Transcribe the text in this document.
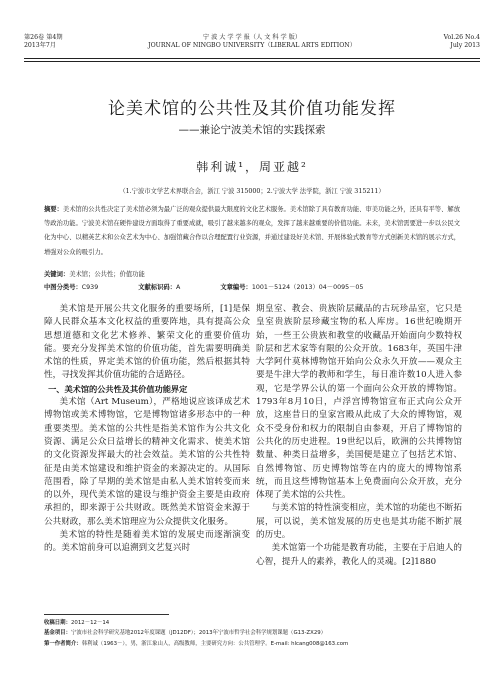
第26卷 第4期
2013年7月
宁 波 大 学 学 报（人 文 科 学 版）
JOURNAL OF NINGBO UNIVERSITY（LIBERAL ARTS EDITION）
Vol.26 No.4
July 2013
论美术馆的公共性及其价值功能发挥
——兼论宁波美术馆的实践探索
韩利诚¹，周亚越²
（1.宁波市文学艺术界联合会，浙江 宁波 315000；2.宁波大学 法学院，浙江 宁波 315211）
摘要：美术馆的公共性决定了美术馆必须为最广泛的观众提供最大限度的文化艺术服务。美术馆除了具有教育功能、审美功能之外，还具有平等、解放等政治功能。宁波美术馆在硬件建设方面取得了重要成就，吸引了越来越多的观众，发挥了越来越重要的价值功能。未来，美术馆需要进一步以公民文化为中心、以精英艺术和公众艺术为中心、加强馆藏合作以合理配置行业资源，并通过建设好美术馆、开展体验式教育等方式创新美术馆的展示方式，增强对公众的吸引力。
关键词：美术馆；公共性；价值功能
中图分类号：C939	文献标识码：A	文章编号：1001－5124（2013）04－0095－05

美术馆是开展公共文化服务的重要场所，[1]是保障人民群众基本文化权益的重要阵地，具有提高公众思想道德和文化艺术修养、繁荣文化的重要价值功能。要充分发挥美术馆的价值功能，首先需要明确美术馆的性质，界定美术馆的价值功能，然后根据其特性，寻找发挥其价值功能的合适路径。

一、美术馆的公共性及其价值功能界定

美术馆（Art Museum），严格地说应该译成艺术博物馆或美术博物馆，它是博物馆诸多形态中的一种重要类型。美术馆的公共性是指美术馆作为公共文化资源、满足公众日益增长的精神文化需求、使美术馆的文化资源发挥最大的社会效益。美术馆的公共性特征是由美术馆建设和维护资金的来源决定的。从国际范围看，除了早期的美术馆是由私人美术馆转变而来的以外，现代美术馆的建设与维护资金主要是由政府承担的，即来源于公共财政。既然美术馆资金来源于公共财政，那么美术馆理应为公众提供文化服务。

美术馆的特性是随着美术馆的发展史而逐渐演变的。美术馆前身可以追溯到文艺复兴时

期皇室、教会、贵族阶层藏品的古玩珍品室，它只是皇室贵族阶层珍藏宝物的私人库房。16世纪晚期开始，一些王公贵族和教堂的收藏品开始面向少数特权阶层和艺术家等有限的公众开放。1683年，英国牛津大学阿什莫林博物馆开始向公众永久开放——观众主要是牛津大学的教师和学生，每日准许数10人进入参观，它是学界公认的第一个面向公众开放的博物馆。1793年8月10日，卢浮宫博物馆宣布正式向公众开放，这座昔日的皇家宫殿从此成了大众的博物馆，观众不受身份和权力的限制自由参观，开启了博物馆的公共化的历史进程。19世纪以后，欧洲的公共博物馆数量、种类日益增多，美国便是建立了包括艺术馆、自然博物馆、历史博物馆等在内的庞大的博物馆系统，而且这些博物馆基本上免费面向公众开放，充分体现了美术馆的公共性。

与美术馆的特性演变相应，美术馆的功能也不断拓展，可以说，美术馆发展的历史也是其功能不断扩展的历史。

美术馆第一个功能是教育功能，主要在于启迪人的心智，提升人的素养，教化人的灵魂。[2]1880

收稿日期：2012－12－14
基金项目：宁波市社会科学研究基地2012年度课题（JD12DF）；2013年宁波市哲学社会科学规划课题（G13-ZX29）
第一作者简介：韩利诚（1963－），男，浙江象山人，高级教师，主要研究方向：公共管理学。E-mail: hlcang008@163.com
